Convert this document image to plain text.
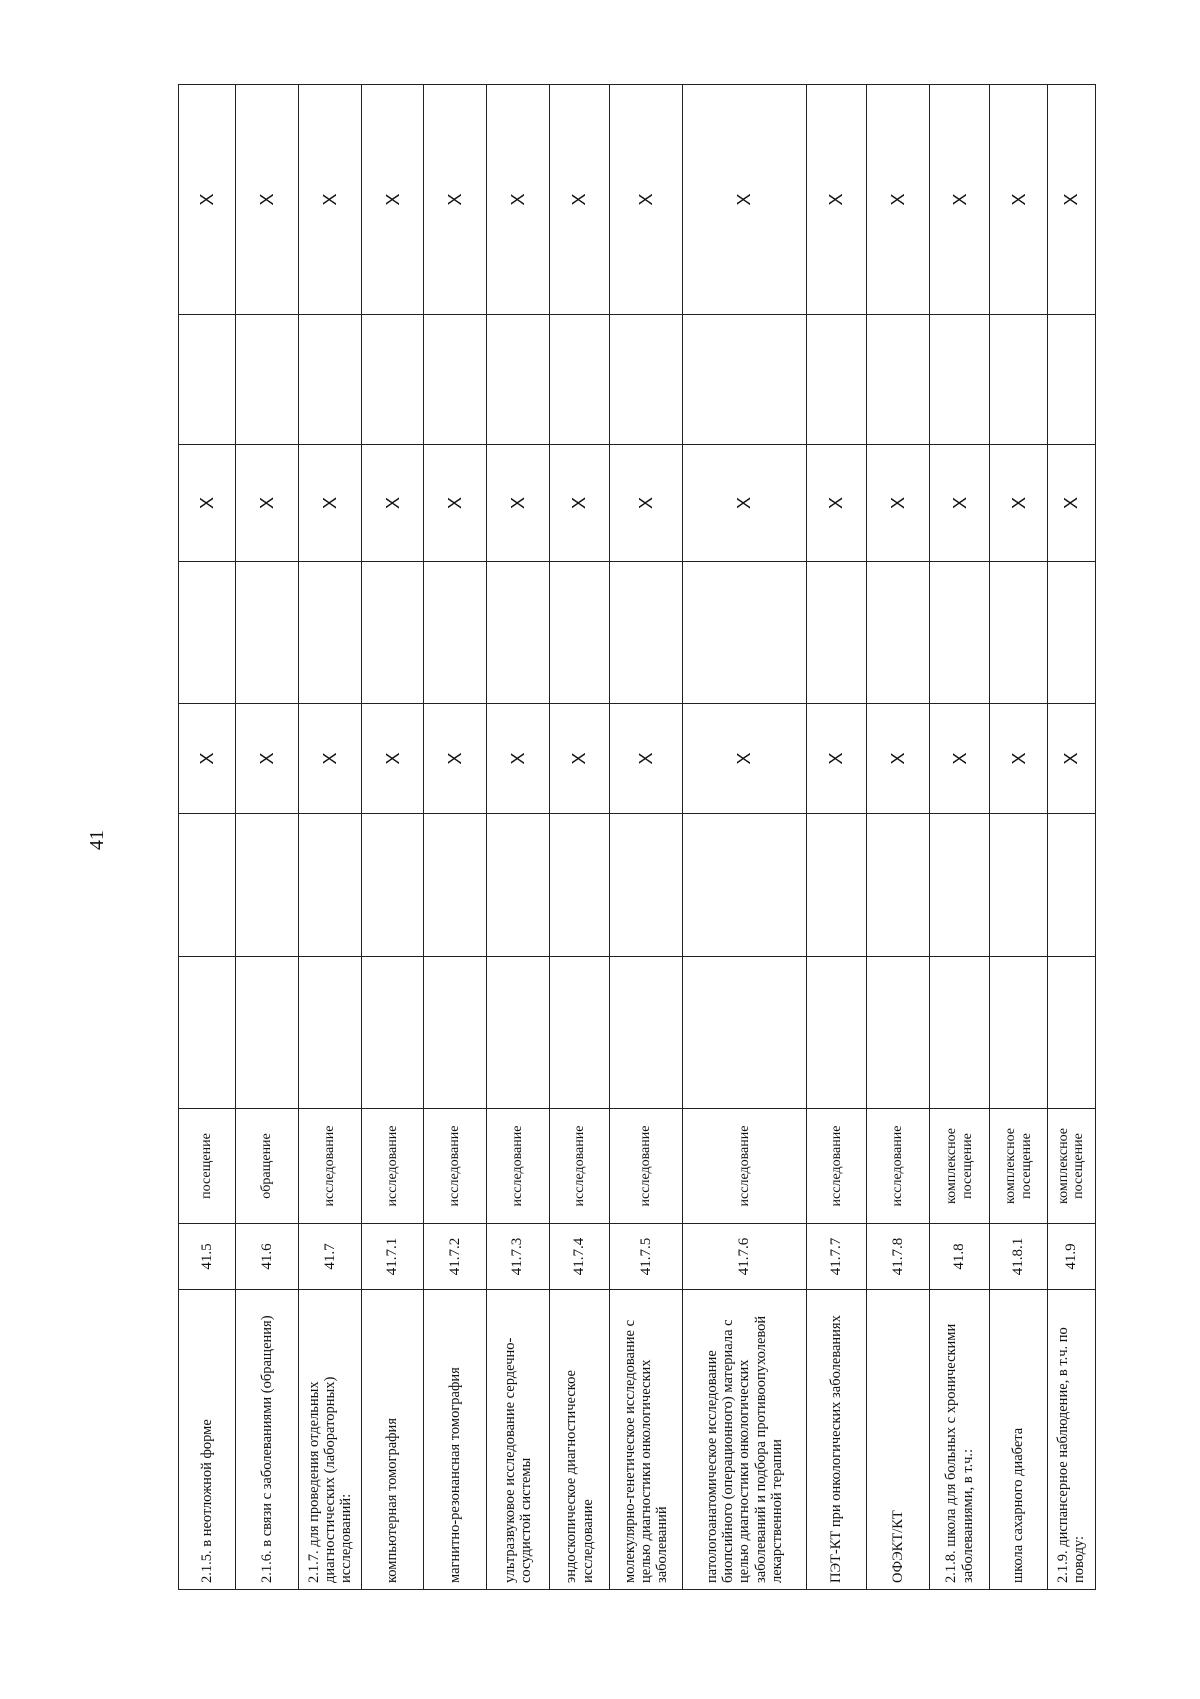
41
2.1.5. в неотложной форме	41.5	посещение			X		X		X
2.1.6. в связи с заболеваниями (обращения)	41.6	обращение			X		X		X
2.1.7. для проведения отдельных диагностических (лабораторных) исследований:	41.7	исследование			X		X		X
компьютерная томография	41.7.1	исследование			X		X		X
магнитно-резонансная томография	41.7.2	исследование			X		X		X
ультразвуковое исследование сердечно-сосудистой системы	41.7.3	исследование			X		X		X
эндоскопическое диагностическое исследование	41.7.4	исследование			X		X		X
молекулярно-генетическое исследование с целью диагностики онкологических заболеваний	41.7.5	исследование			X		X		X
патологоанатомическое исследование биопсийного (операционного) материала с целью диагностики онкологических заболеваний и подбора противоопухолевой лекарственной терапии	41.7.6	исследование			X		X		X
ПЭТ-КТ при онкологических заболеваниях	41.7.7	исследование			X		X		X
ОФЭКТ/КТ	41.7.8	исследование			X		X		X
2.1.8. школа для больных с хроническими заболеваниями, в т.ч.:	41.8	комплексное посещение			X		X		X
школа сахарного диабета	41.8.1	комплексное посещение			X		X		X
2.1.9. диспансерное наблюдение, в т.ч. по поводу:	41.9	комплексное посещение			X		X		X
